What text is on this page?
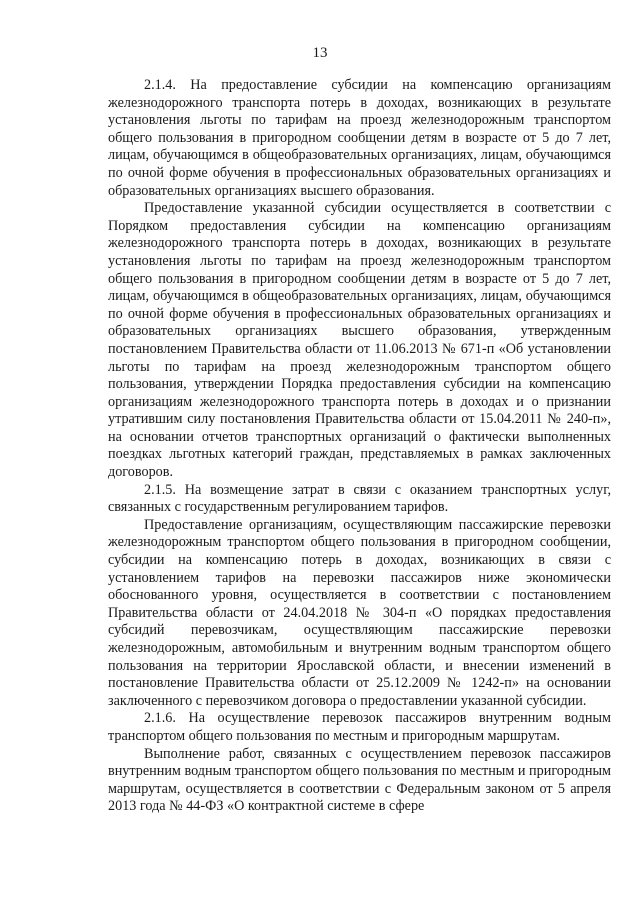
13

2.1.4. На предоставление субсидии на компенсацию организациям железнодорожного транспорта потерь в доходах, возникающих в результате установления льготы по тарифам на проезд железнодорожным транспортом общего пользования в пригородном сообщении детям в возрасте от 5 до 7 лет, лицам, обучающимся в общеобразовательных организациях, лицам, обучающимся по очной форме обучения в профессиональных образовательных организациях и образовательных организациях высшего образования.

Предоставление указанной субсидии осуществляется в соответствии с Порядком предоставления субсидии на компенсацию организациям железнодорожного транспорта потерь в доходах, возникающих в результате установления льготы по тарифам на проезд железнодорожным транспортом общего пользования в пригородном сообщении детям в возрасте от 5 до 7 лет, лицам, обучающимся в общеобразовательных организациях, лицам, обучающимся по очной форме обучения в профессиональных образовательных организациях и образовательных организациях высшего образования, утвержденным постановлением Правительства области от 11.06.2013 № 671-п «Об установлении льготы по тарифам на проезд железнодорожным транспортом общего пользования, утверждении Порядка предоставления субсидии на компенсацию организациям железнодорожного транспорта потерь в доходах и о признании утратившим силу постановления Правительства области от 15.04.2011 № 240-п», на основании отчетов транспортных организаций о фактически выполненных поездках льготных категорий граждан, представляемых в рамках заключенных договоров.

2.1.5. На возмещение затрат в связи с оказанием транспортных услуг, связанных с государственным регулированием тарифов.

Предоставление организациям, осуществляющим пассажирские перевозки железнодорожным транспортом общего пользования в пригородном сообщении, субсидии на компенсацию потерь в доходах, возникающих в связи с установлением тарифов на перевозки пассажиров ниже экономически обоснованного уровня, осуществляется в соответствии с постановлением Правительства области от 24.04.2018 № 304-п «О порядках предоставления субсидий перевозчикам, осуществляющим пассажирские перевозки железнодорожным, автомобильным и внутренним водным транспортом общего пользования на территории Ярославской области, и внесении изменений в постановление Правительства области от 25.12.2009 № 1242-п» на основании заключенного с перевозчиком договора о предоставлении указанной субсидии.

2.1.6. На осуществление перевозок пассажиров внутренним водным транспортом общего пользования по местным и пригородным маршрутам.

Выполнение работ, связанных с осуществлением перевозок пассажиров внутренним водным транспортом общего пользования по местным и пригородным маршрутам, осуществляется в соответствии с Федеральным законом от 5 апреля 2013 года № 44-ФЗ «О контрактной системе в сфере
